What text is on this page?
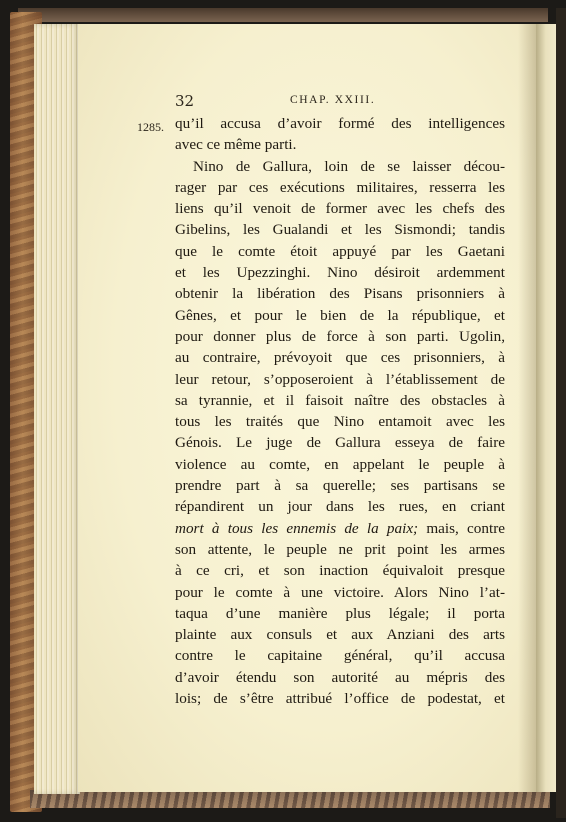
32	CHAP. XXIII.
1285. qu’il accusa d’avoir formé des intelligences
avec ce même parti.
Nino de Gallura, loin de se laisser décou-
rager par ces exécutions militaires, resserra les
liens qu’il venoit de former avec les chefs des
Gibelins, les Gualandi et les Sismondi; tandis
que le comte étoit appuyé par les Gaetani
et les Upezzinghi. Nino désiroit ardemment
obtenir la libération des Pisans prisonniers à
Gênes, et pour le bien de la république, et
pour donner plus de force à son parti. Ugolin,
au contraire, prévoyoit que ces prisonniers, à
leur retour, s’opposeroient à l’établissement de
sa tyrannie, et il faisoit naître des obstacles à
tous les traités que Nino entamoit avec les
Génois. Le juge de Gallura esseya de faire
violence au comte, en appelant le peuple à
prendre part à sa querelle; ses partisans se
répandirent un jour dans les rues, en criant
mort à tous les ennemis de la paix; mais, contre
son attente, le peuple ne prit point les armes
à ce cri, et son inaction équivaloit presque
pour le comte à une victoire. Alors Nino l’at-
taqua d’une manière plus légale; il porta
plainte aux consuls et aux Anziani des arts
contre le capitaine général, qu’il accusa
d’avoir étendu son autorité au mépris des
lois; de s’être attribué l’office de podestat, et
